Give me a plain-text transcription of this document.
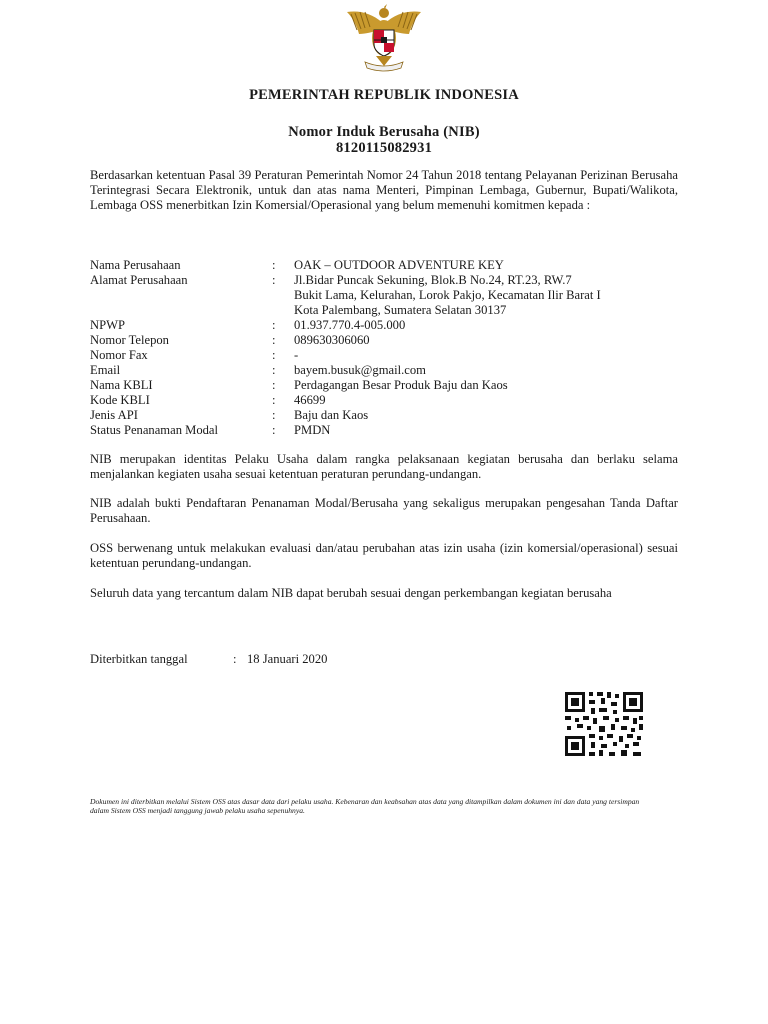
PEMERINTAH REPUBLIK INDONESIA
Nomor Induk Berusaha (NIB)
8120115082931

Berdasarkan ketentuan Pasal 39 Peraturan Pemerintah Nomor 24 Tahun 2018 tentang Pelayanan Perizinan Berusaha Terintegrasi Secara Elektronik, untuk dan atas nama Menteri, Pimpinan Lembaga, Gubernur, Bupati/Walikota, Lembaga OSS menerbitkan Izin Komersial/Operasional yang belum memenuhi komitmen kepada :

Nama Perusahaan	:	OAK – OUTDOOR ADVENTURE KEY
Alamat Perusahaan	:	Jl.Bidar Puncak Sekuning, Blok.B No.24, RT.23, RW.7
Bukit Lama, Kelurahan, Lorok Pakjo, Kecamatan Ilir Barat I
Kota Palembang, Sumatera Selatan 30137

NPWP	:	01.937.770.4-005.000
Nomor Telepon	:	089630306060
Nomor Fax	:	-
Email	:	bayem.busuk@gmail.com
Nama KBLI	:	Perdagangan Besar Produk Baju dan Kaos
Kode KBLI	:	46699
Jenis API	:	Baju dan Kaos
Status Penanaman Modal	:	PMDN

NIB merupakan identitas Pelaku Usaha dalam rangka pelaksanaan kegiatan berusaha dan berlaku selama menjalankan kegiaten usaha sesuai ketentuan peraturan perundang-undangan.

NIB adalah bukti Pendaftaran Penanaman Modal/Berusaha yang sekaligus merupakan pengesahan Tanda Daftar Perusahaan.

OSS berwenang untuk melakukan evaluasi dan/atau perubahan atas izin usaha (izin komersial/operasional) sesuai ketentuan perundang-undangan.

Seluruh data yang tercantum dalam NIB dapat berubah sesuai dengan perkembangan kegiatan berusaha

Diterbitkan tanggal	: 18 Januari 2020

Dokumen ini diterbitkan melalui Sistem OSS atas dasar data dari pelaku usaha. Kebenaran dan keabsahan atas data yang ditampilkan dalam dokumen ini dan data yang tersimpan dalam Sistem OSS menjadi tanggung jawab pelaku usaha sepenuhnya.
